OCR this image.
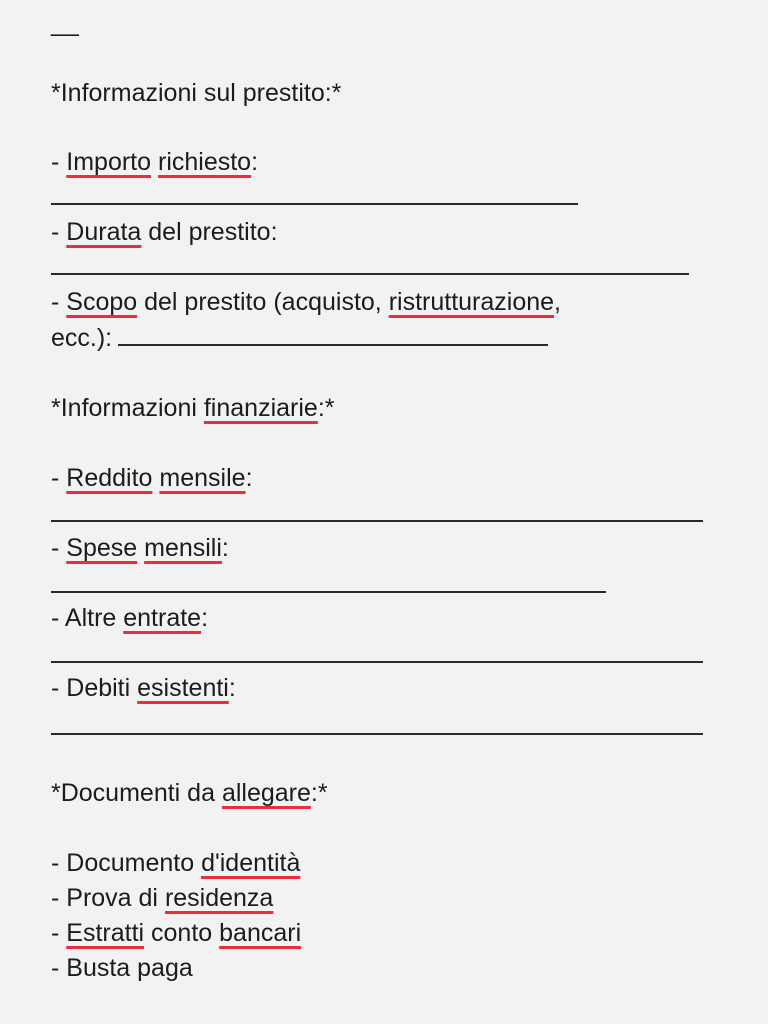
__
*Informazioni sul prestito:*
- Importo richiesto:
- Durata del prestito:
- Scopo del prestito (acquisto, ristrutturazione,
ecc.):
*Informazioni finanziarie:*
- Reddito mensile:
- Spese mensili:
- Altre entrate:
- Debiti esistenti:
*Documenti da allegare:*
- Documento d'identità
- Prova di residenza
- Estratti conto bancari
- Busta paga
